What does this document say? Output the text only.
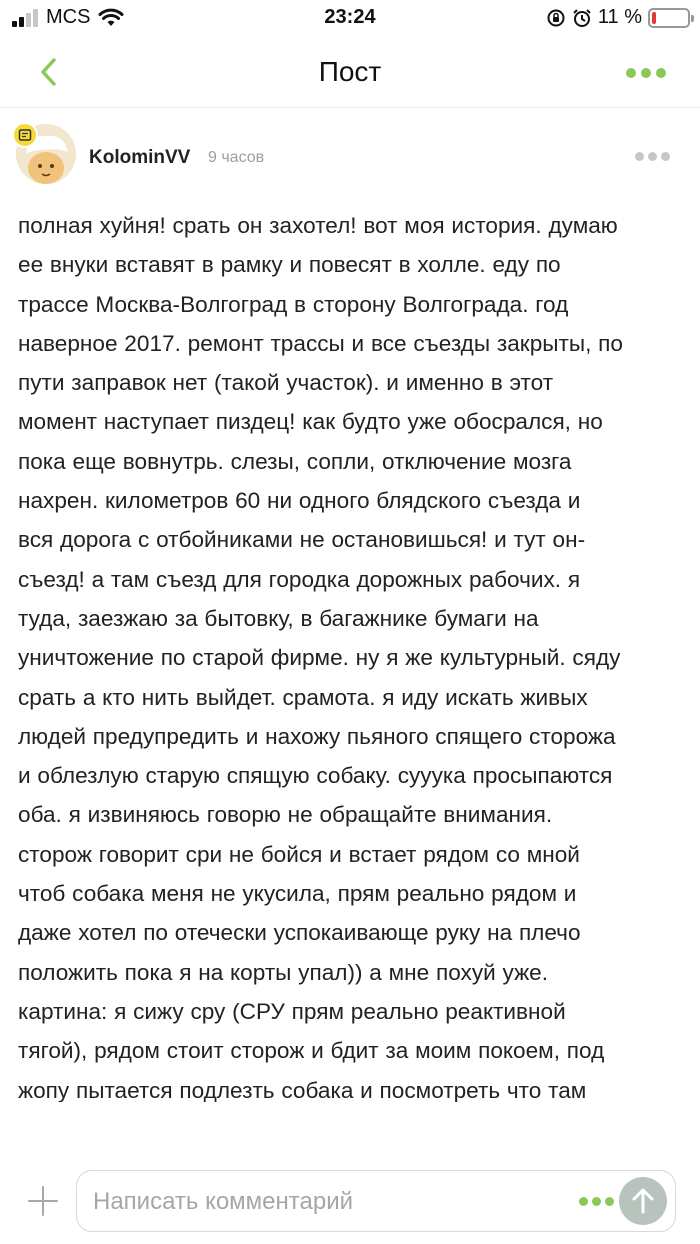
MCS	23:24	11 %
Пост
KolominVV 9 часов
полная хуйня! срать он захотел! вот моя история. думаю
ее внуки вставят в рамку и повесят в холле. еду по
трассе Москва-Волгоград в сторону Волгограда. год
наверное 2017. ремонт трассы и все съезды закрыты, по
пути заправок нет (такой участок). и именно в этот
момент наступает пиздец! как будто уже обосрался, но
пока еще вовнутрь. слезы, сопли, отключение мозга
нахрен. километров 60 ни одного блядского съезда и
вся дорога с отбойниками не остановишься! и тут он-
съезд! а там съезд для городка дорожных рабочих. я
туда, заезжаю за бытовку, в багажнике бумаги на
уничтожение по старой фирме. ну я же культурный. сяду
срать а кто нить выйдет. срамота. я иду искать живых
людей предупредить и нахожу пьяного спящего сторожа
и облезлую старую спящую собаку. сууука просыпаются
оба. я извиняюсь говорю не обращайте внимания.
сторож говорит сри не бойся и встает рядом со мной
чтоб собака меня не укусила, прям реально рядом и
даже хотел по отечески успокаивающе руку на плечо
положить пока я на корты упал)) а мне похуй уже.
картина: я сижу сру (СРУ прям реально реактивной
тягой), рядом стоит сторож и бдит за моим покоем, под
жопу пытается подлезть собака и посмотреть что там
Написать комментарий
